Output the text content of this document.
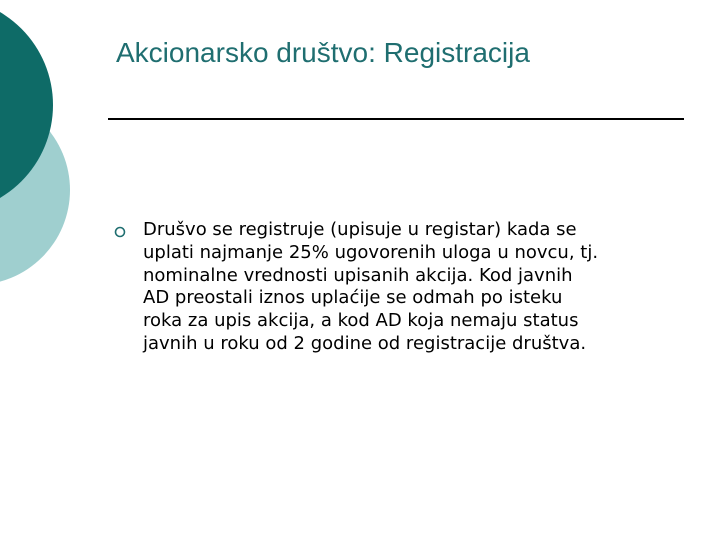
Akcionarsko društvo: Registracija

Drušvo se registruje (upisuje u registar) kada se
uplati najmanje 25% ugovorenih uloga u novcu, tj.
nominalne vrednosti upisanih akcija. Kod javnih
AD preostali iznos uplaćije se odmah po isteku
roka za upis akcija, a kod AD koja nemaju status
javnih u roku od 2 godine od registracije društva.
